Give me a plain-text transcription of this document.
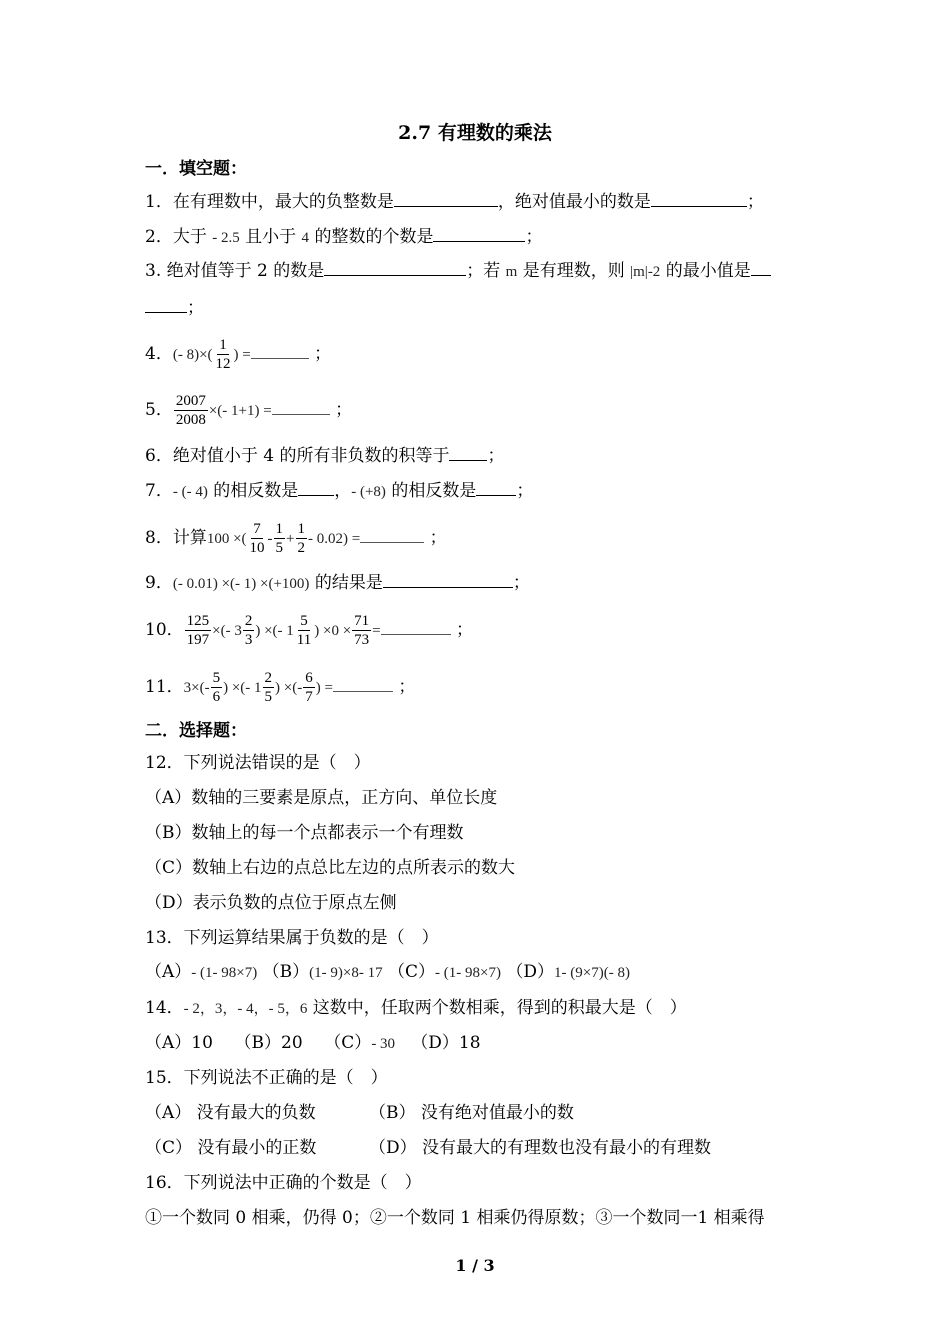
2.7 有理数的乘法
一．填空题：
1．在有理数中，最大的负整数是	，绝对值最小的数是	；
2．大于 - 2.5 且小于 4 的整数的个数是	；
3. 绝对值等于 2 的数是	；若 m 是有理数，则 |m|-2 的最小值是
；
4．(- $8)\times( \frac{1}{12}$ ) =	；
5． $\frac{2007}{2008}$ ×(- 1+1) =	；
6．绝对值小于 4 的所有非负数的积等于 ；
7．- (- 4) 的相反数是 ，- (+8) 的相反数是 ；
8．计算100 ×( $\frac{7}{10} - \frac{1}{5} + \frac{1}{2} - 0.02$) =	；
9．(- 0.01) ×(- 1) ×(+100) 的结果是	；
10． $\frac{125}{197}$ ×(- $3 \frac{2}{3}$ ) ×(- $1 \frac{5}{11}$ ) $\times 0 \times \frac{71}{73}$ =	；
11．$3\times(- \frac{5}{6}$ ) ×(- $1 \frac{2}{5}$ ) ×(- $\frac{6}{7}$ ) =	；
二．选择题：
12．下列说法错误的是（　）
（A）数轴的三要素是原点，正方向、单位长度
（B）数轴上的每一个点都表示一个有理数
（C）数轴上右边的点总比左边的点所表示的数大
（D）表示负数的点位于原点左侧
13．下列运算结果属于负数的是（　）
（A）- (1- 98×7) （B）(1- 9)×8- 17 （C）- (1- 98×7) （D）1- (9×7)(- 8)
14．- 2，3，- 4，- 5，6 这数中，任取两个数相乘，得到的积最大是（　）
（A）10 （B）20 （C）- 30 （D）18
15．下列说法不正确的是（　）
（A） 没有最大的负数	（B） 没有绝对值最小的数
（C） 没有最小的正数	（D） 没有最大的有理数也没有最小的有理数
16．下列说法中正确的个数是（　）
①一个数同 0 相乘，仍得 0；②一个数同 1 相乘仍得原数；③一个数同一1 相乘得
1 / 3
